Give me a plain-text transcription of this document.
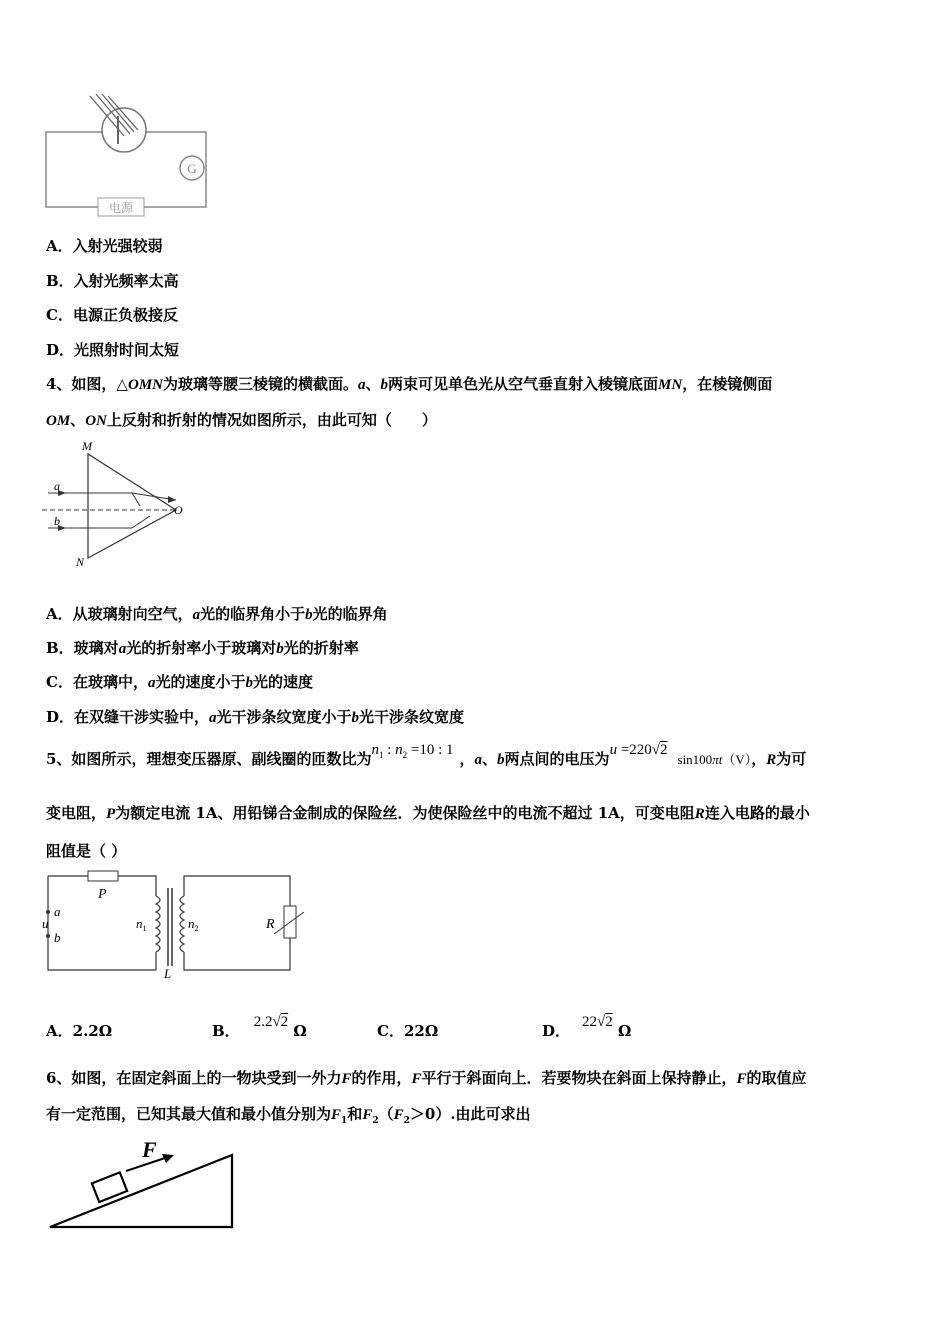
G
电源
A．入射光强较弱
B．入射光频率太高
C．电源正负极接反
D．光照射时间太短
4、如图，△OMN为玻璃等腰三棱镜的横截面。a、b两束可见单色光从空气垂直射入棱镜底面MN，在棱镜侧面
OM、ON上反射和折射的情况如图所示，由此可知（　　）
M
N
O
a
b
A．从玻璃射向空气，a光的临界角小于b光的临界角
B．玻璃对a光的折射率小于玻璃对b光的折射率
C．在玻璃中，a光的速度小于b光的速度
D．在双缝干涉实验中，a光干涉条纹宽度小于b光干涉条纹宽度
5、如图所示，理想变压器原、副线圈的匝数比为$n_1$ : $n_2 =10$ : 1 ，a、b两点间的电压为u =220√2sin100πt（V），R为可
变电阻，P为额定电流 1A、用铅锑合金制成的保险丝．为使保险丝中的电流不超过 1A，可变电阻R连入电路的最小
阻值是（ ）
P
a
u
b
$n_1$	$n_2$
L
R
A．2.2Ω	B． 2.2√2 Ω	C．22Ω	D． 22√2 Ω
6、如图，在固定斜面上的一物块受到一外力F的作用，F平行于斜面向上．若要物块在斜面上保持静止，F的取值应
有一定范围，已知其最大值和最小值分别为$F_1$和$F_2(F_2>0)$.由此可求出
F
